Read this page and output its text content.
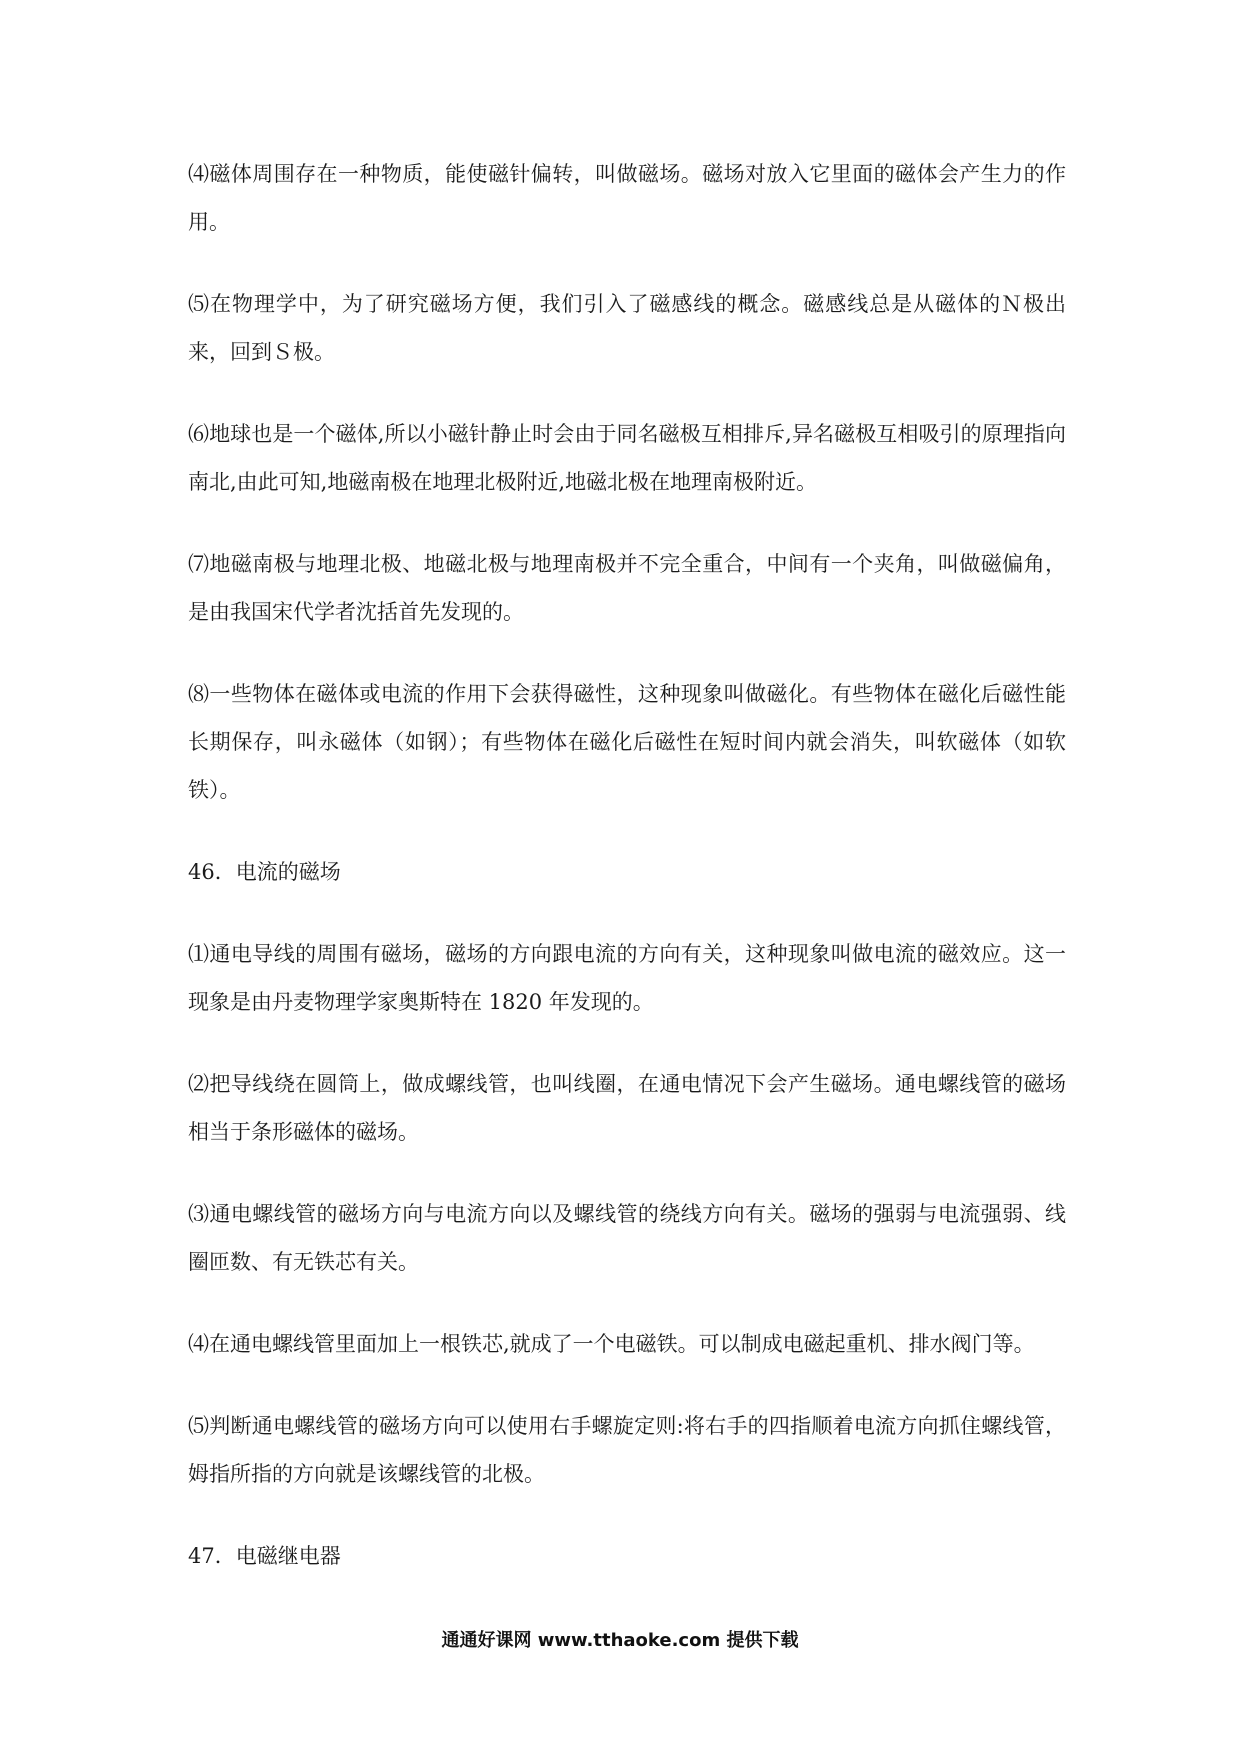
⑷磁体周围存在一种物质，能使磁针偏转，叫做磁场。磁场对放入它里面的磁体会产生力的作用。

⑸在物理学中，为了研究磁场方便，我们引入了磁感线的概念。磁感线总是从磁体的Ｎ极出来，回到Ｓ极。

⑹地球也是一个磁体,所以小磁针静止时会由于同名磁极互相排斥,异名磁极互相吸引的原理指向南北,由此可知,地磁南极在地理北极附近,地磁北极在地理南极附近。

⑺地磁南极与地理北极、地磁北极与地理南极并不完全重合，中间有一个夹角，叫做磁偏角，是由我国宋代学者沈括首先发现的。

⑻一些物体在磁体或电流的作用下会获得磁性，这种现象叫做磁化。有些物体在磁化后磁性能长期保存，叫永磁体（如钢）；有些物体在磁化后磁性在短时间内就会消失，叫软磁体（如软铁）。

46．电流的磁场

⑴通电导线的周围有磁场，磁场的方向跟电流的方向有关，这种现象叫做电流的磁效应。这一现象是由丹麦物理学家奥斯特在 1820 年发现的。

⑵把导线绕在圆筒上，做成螺线管，也叫线圈，在通电情况下会产生磁场。通电螺线管的磁场相当于条形磁体的磁场。

⑶通电螺线管的磁场方向与电流方向以及螺线管的绕线方向有关。磁场的强弱与电流强弱、线圈匝数、有无铁芯有关。

⑷在通电螺线管里面加上一根铁芯,就成了一个电磁铁。可以制成电磁起重机、排水阀门等。

⑸判断通电螺线管的磁场方向可以使用右手螺旋定则:将右手的四指顺着电流方向抓住螺线管，姆指所指的方向就是该螺线管的北极。

47．电磁继电器
通通好课网 www.tthaoke.com 提供下载
